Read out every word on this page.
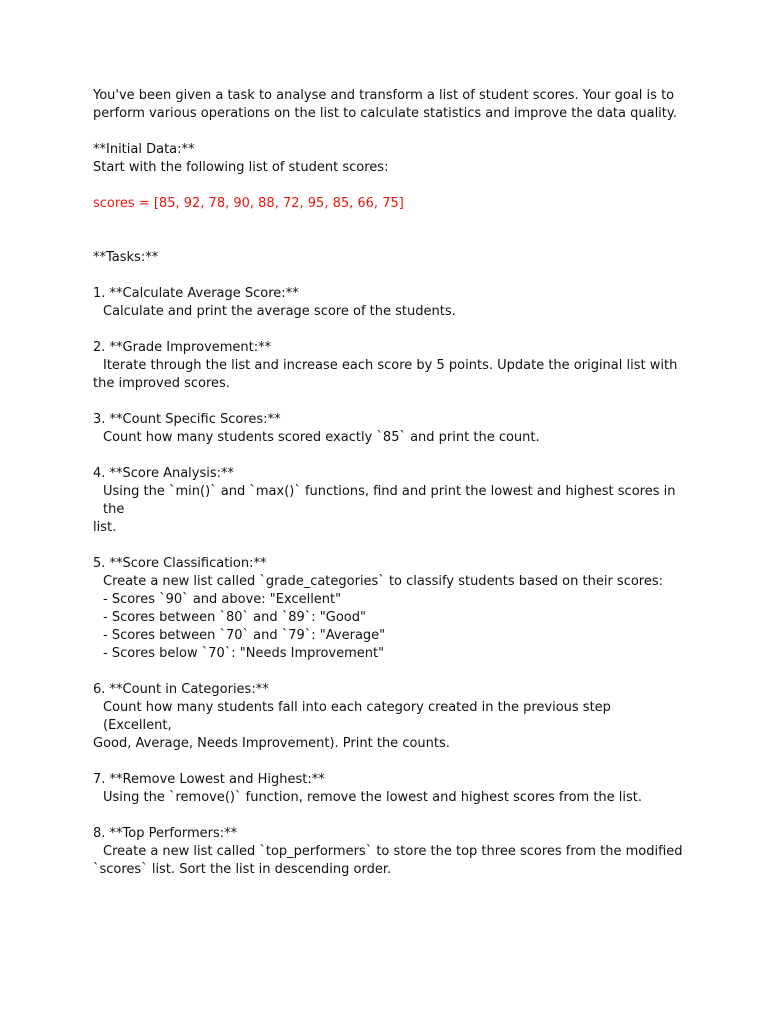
You've been given a task to analyse and transform a list of student scores. Your goal is to

perform various operations on the list to calculate statistics and improve the data quality.

**Initial Data:**

Start with the following list of student scores:

scores = [85, 92, 78, 90, 88, 72, 95, 85, 66, 75]

**Tasks:**

1. **Calculate Average Score:**

Calculate and print the average score of the students.

2. **Grade Improvement:**

Iterate through the list and increase each score by 5 points. Update the original list with

the improved scores.

3. **Count Specific Scores:**

Count how many students scored exactly `85` and print the count.

4. **Score Analysis:**

Using the `min()` and `max()` functions, find and print the lowest and highest scores in the

list.

5. **Score Classification:**

Create a new list called `grade_categories` to classify students based on their scores:

- Scores `90` and above: "Excellent"

- Scores between `80` and `89`: "Good"

- Scores between `70` and `79`: "Average"

- Scores below `70`: "Needs Improvement"

6. **Count in Categories:**

Count how many students fall into each category created in the previous step (Excellent,

Good, Average, Needs Improvement). Print the counts.

7. **Remove Lowest and Highest:**

Using the `remove()` function, remove the lowest and highest scores from the list.

8. **Top Performers:**

Create a new list called `top_performers` to store the top three scores from the modified

`scores` list. Sort the list in descending order.
